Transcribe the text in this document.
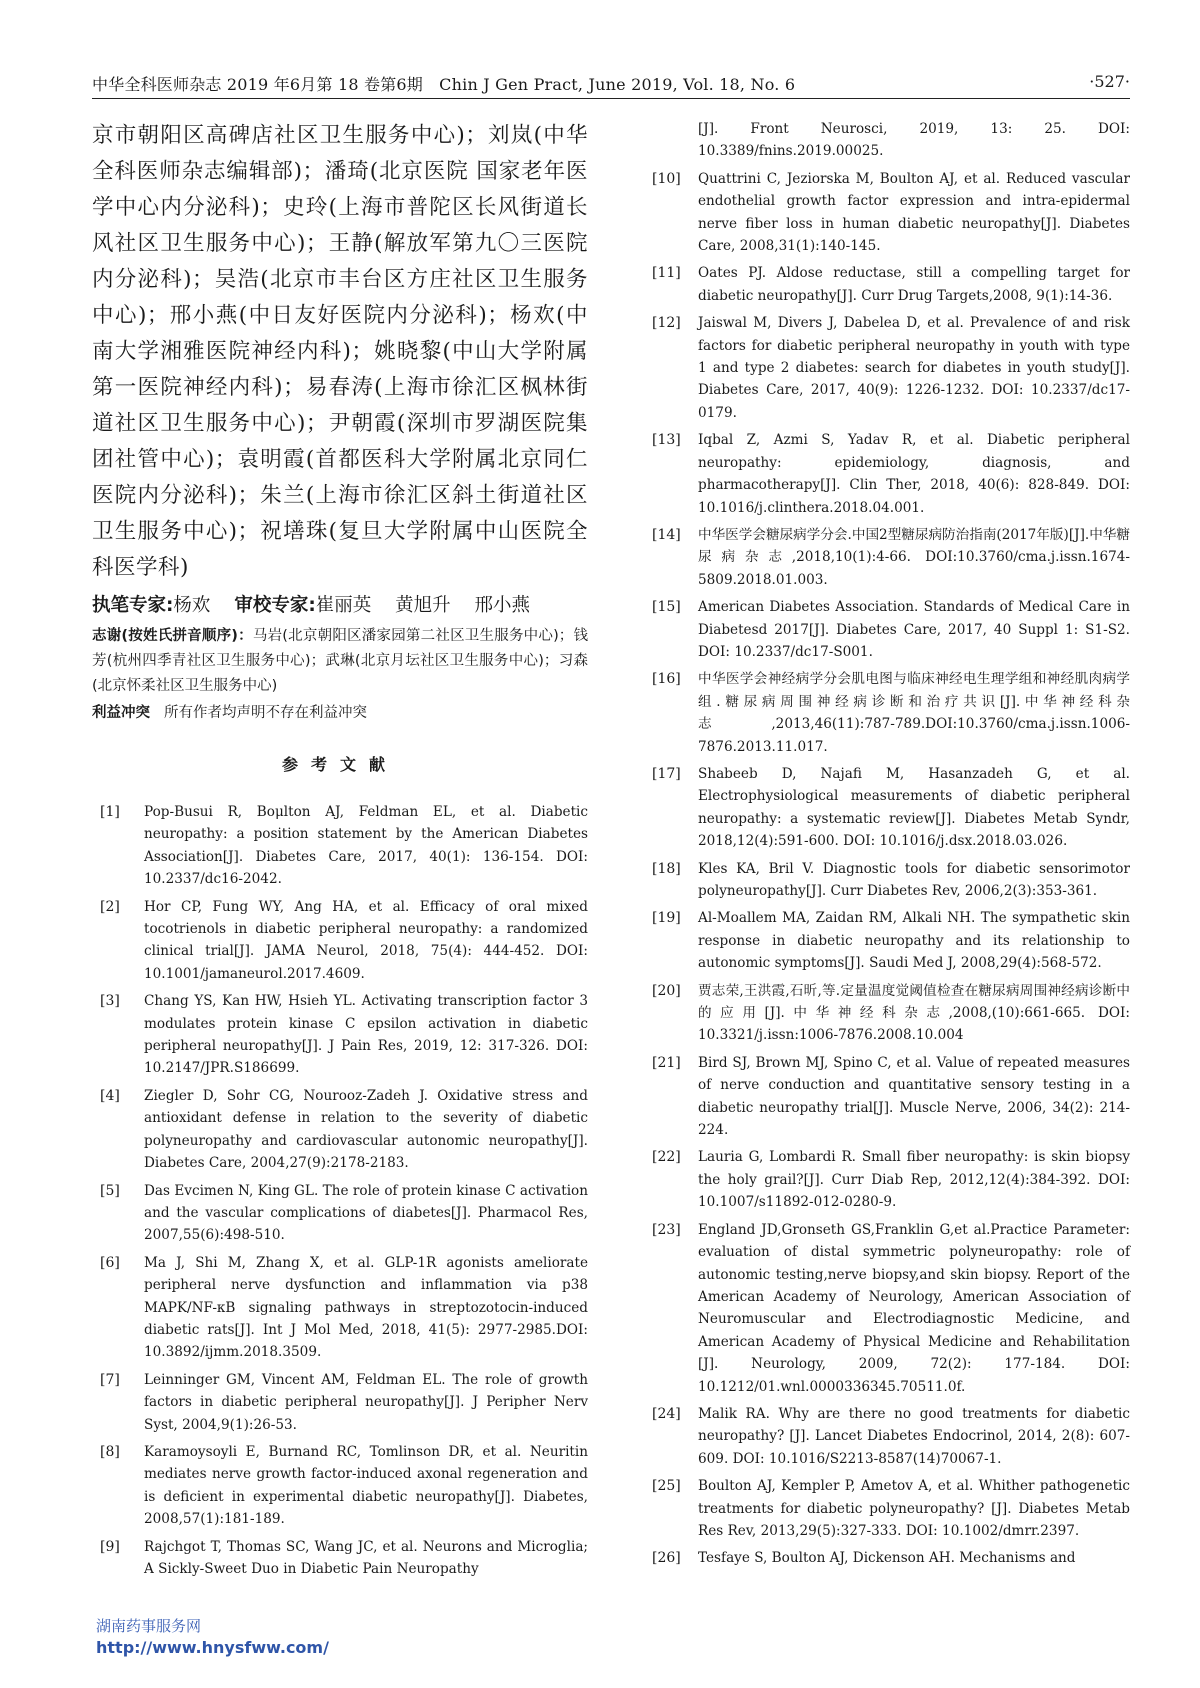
中华全科医师杂志 2019 年6月第 18 卷第6期　Chin J Gen Pract, June 2019, Vol. 18, No. 6	·527·

京市朝阳区高碑店社区卫生服务中心)；刘岚(中华全科医师杂志编辑部)；潘琦(北京医院 国家老年医学中心内分泌科)；史玲(上海市普陀区长风街道长风社区卫生服务中心)；王静(解放军第九〇三医院内分泌科)；吴浩(北京市丰台区方庄社区卫生服务中心)；邢小燕(中日友好医院内分泌科)；杨欢(中南大学湘雅医院神经内科)；姚晓黎(中山大学附属第一医院神经内科)；易春涛(上海市徐汇区枫林街道社区卫生服务中心)；尹朝霞(深圳市罗湖医院集团社管中心)；袁明霞(首都医科大学附属北京同仁医院内分泌科)；朱兰(上海市徐汇区斜土街道社区卫生服务中心)；祝墡珠(复旦大学附属中山医院全科医学科)

执笔专家:杨欢 审校专家:崔丽英 黄旭升 邢小燕
志谢(按姓氏拼音顺序)：马岩(北京朝阳区潘家园第二社区卫生服务中心)；钱芳(杭州四季青社区卫生服务中心)；武琳(北京月坛社区卫生服务中心)；习森(北京怀柔社区卫生服务中心)
利益冲突 所有作者均声明不存在利益冲突
参考文献
[1]	Pop-Busui R, Boμlton AJ, Feldman EL, et al. Diabetic neuropathy: a position statement by the American Diabetes Association[J]. Diabetes Care, 2017, 40(1): 136-154. DOI: 10.2337/dc16-2042.

[2]	Hor CP, Fung WY, Ang HA, et al. Efficacy of oral mixed tocotrienols in diabetic peripheral neuropathy: a randomized clinical trial[J]. JAMA Neurol, 2018, 75(4): 444-452. DOI: 10.1001/jamaneurol.2017.4609.

[3]	Chang YS, Kan HW, Hsieh YL. Activating transcription factor 3 modulates protein kinase C epsilon activation in diabetic peripheral neuropathy[J]. J Pain Res, 2019, 12: 317-326. DOI: 10.2147/JPR.S186699.

[4]	Ziegler D, Sohr CG, Nourooz-Zadeh J. Oxidative stress and antioxidant defense in relation to the severity of diabetic polyneuropathy and cardiovascular autonomic neuropathy[J]. Diabetes Care, 2004,27(9):2178-2183.

[5]	Das Evcimen N, King GL. The role of protein kinase C activation and the vascular complications of diabetes[J]. Pharmacol Res, 2007,55(6):498-510.

[6]	Ma J, Shi M, Zhang X, et al. GLP-1R agonists ameliorate peripheral nerve dysfunction and inflammation via p38 MAPK/NF-κB signaling pathways in streptozotocin-induced diabetic rats[J]. Int J Mol Med, 2018, 41(5): 2977-2985.DOI: 10.3892/ijmm.2018.3509.

[7]	Leinninger GM, Vincent AM, Feldman EL. The role of growth factors in diabetic peripheral neuropathy[J]. J Peripher Nerv Syst, 2004,9(1):26-53.

[8]	Karamoysoyli E, Burnand RC, Tomlinson DR, et al. Neuritin mediates nerve growth factor-induced axonal regeneration and is deficient in experimental diabetic neuropathy[J]. Diabetes, 2008,57(1):181-189.

[9]	Rajchgot T, Thomas SC, Wang JC, et al. Neurons and Microglia; A Sickly-Sweet Duo in Diabetic Pain Neuropathy

[J]. Front Neurosci, 2019, 13: 25. DOI: 10.3389/fnins.2019.00025.

[10]	Quattrini C, Jeziorska M, Boulton AJ, et al. Reduced vascular endothelial growth factor expression and intra-epidermal nerve fiber loss in human diabetic neuropathy[J]. Diabetes Care, 2008,31(1):140-145.

[11]	Oates PJ. Aldose reductase, still a compelling target for diabetic neuropathy[J]. Curr Drug Targets,2008, 9(1):14-36.

[12]	Jaiswal M, Divers J, Dabelea D, et al. Prevalence of and risk factors for diabetic peripheral neuropathy in youth with type 1 and type 2 diabetes: search for diabetes in youth study[J]. Diabetes Care, 2017, 40(9): 1226-1232. DOI: 10.2337/dc17-0179.

[13]	Iqbal Z, Azmi S, Yadav R, et al. Diabetic peripheral neuropathy: epidemiology, diagnosis, and pharmacotherapy[J]. Clin Ther, 2018, 40(6): 828-849. DOI: 10.1016/j.clinthera.2018.04.001.

[14]	中华医学会糖尿病学分会.中国2型糖尿病防治指南(2017年版)[J].中华糖尿病杂志,2018,10(1):4-66. DOI:10.3760/cma.j.issn.1674-5809.2018.01.003.

[15]	American Diabetes Association. Standards of Medical Care in Diabetesd 2017[J]. Diabetes Care, 2017, 40 Suppl 1: S1-S2. DOI: 10.2337/dc17-S001.

[16]	中华医学会神经病学分会肌电图与临床神经电生理学组和神经肌肉病学组.糖尿病周围神经病诊断和治疗共识[J].中华神经科杂志,2013,46(11):787-789.DOI:10.3760/cma.j.issn.1006-7876.2013.11.017.

[17]	Shabeeb D, Najafi M, Hasanzadeh G, et al. Electrophysiological measurements of diabetic peripheral neuropathy: a systematic review[J]. Diabetes Metab Syndr, 2018,12(4):591-600. DOI: 10.1016/j.dsx.2018.03.026.

[18]	Kles KA, Bril V. Diagnostic tools for diabetic sensorimotor polyneuropathy[J]. Curr Diabetes Rev, 2006,2(3):353-361.

[19]	Al-Moallem MA, Zaidan RM, Alkali NH. The sympathetic skin response in diabetic neuropathy and its relationship to autonomic symptoms[J]. Saudi Med J, 2008,29(4):568-572.

[20]	贾志荣,王洪霞,石昕,等.定量温度觉阈值检查在糖尿病周围神经病诊断中的应用[J].中华神经科杂志,2008,(10):661-665. DOI: 10.3321/j.issn:1006-7876.2008.10.004

[21]	Bird SJ, Brown MJ, Spino C, et al. Value of repeated measures of nerve conduction and quantitative sensory testing in a diabetic neuropathy trial[J]. Muscle Nerve, 2006, 34(2): 214-224.

[22]	Lauria G, Lombardi R. Small fiber neuropathy: is skin biopsy the holy grail?[J]. Curr Diab Rep, 2012,12(4):384-392. DOI: 10.1007/s11892-012-0280-9.

[23]	England JD,Gronseth GS,Franklin G,et al.Practice Parameter: evaluation of distal symmetric polyneuropathy: role of autonomic testing,nerve biopsy,and skin biopsy. Report of the American Academy of Neurology, American Association of Neuromuscular and Electrodiagnostic Medicine, and American Academy of Physical Medicine and Rehabilitation [J]. Neurology, 2009, 72(2): 177-184. DOI: 10.1212/01.wnl.0000336345.70511.0f.

[24]	Malik RA. Why are there no good treatments for diabetic neuropathy? [J]. Lancet Diabetes Endocrinol, 2014, 2(8): 607-609. DOI: 10.1016/S2213-8587(14)70067-1.

[25]	Boulton AJ, Kempler P, Ametov A, et al. Whither pathogenetic treatments for diabetic polyneuropathy? [J]. Diabetes Metab Res Rev, 2013,29(5):327-333. DOI: 10.1002/dmrr.2397.

[26]	Tesfaye S, Boulton AJ, Dickenson AH. Mechanisms and

湖南药事服务网
http://www.hnysfww.com/
